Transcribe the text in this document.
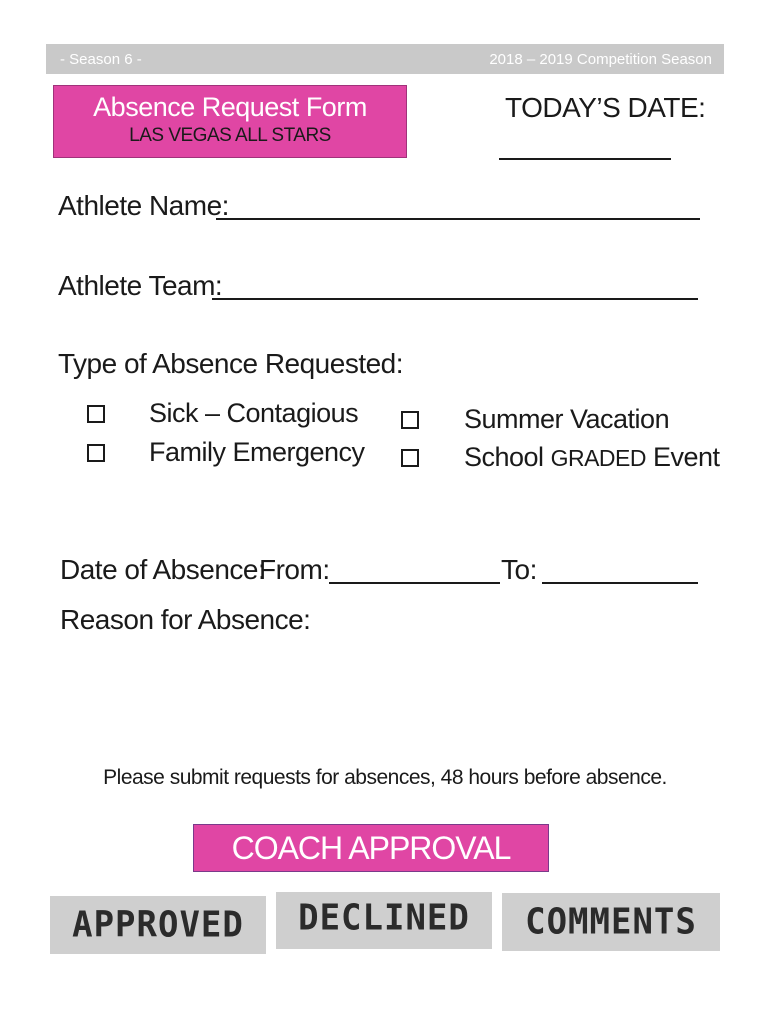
- Season 6 -	2018 – 2019 Competition Season
Absence Request Form
LAS VEGAS ALL STARS
TODAY’S DATE:
Athlete Name:
Athlete Team:
Type of Absence Requested:
Sick – Contagious
Family Emergency
Summer Vacation
School GRADED Event
Date of Absence:
From:	To:
Reason for Absence:
Please submit requests for absences, 48 hours before absence.
COACH APPROVAL
APPROVED	DECLINED	COMMENTS
